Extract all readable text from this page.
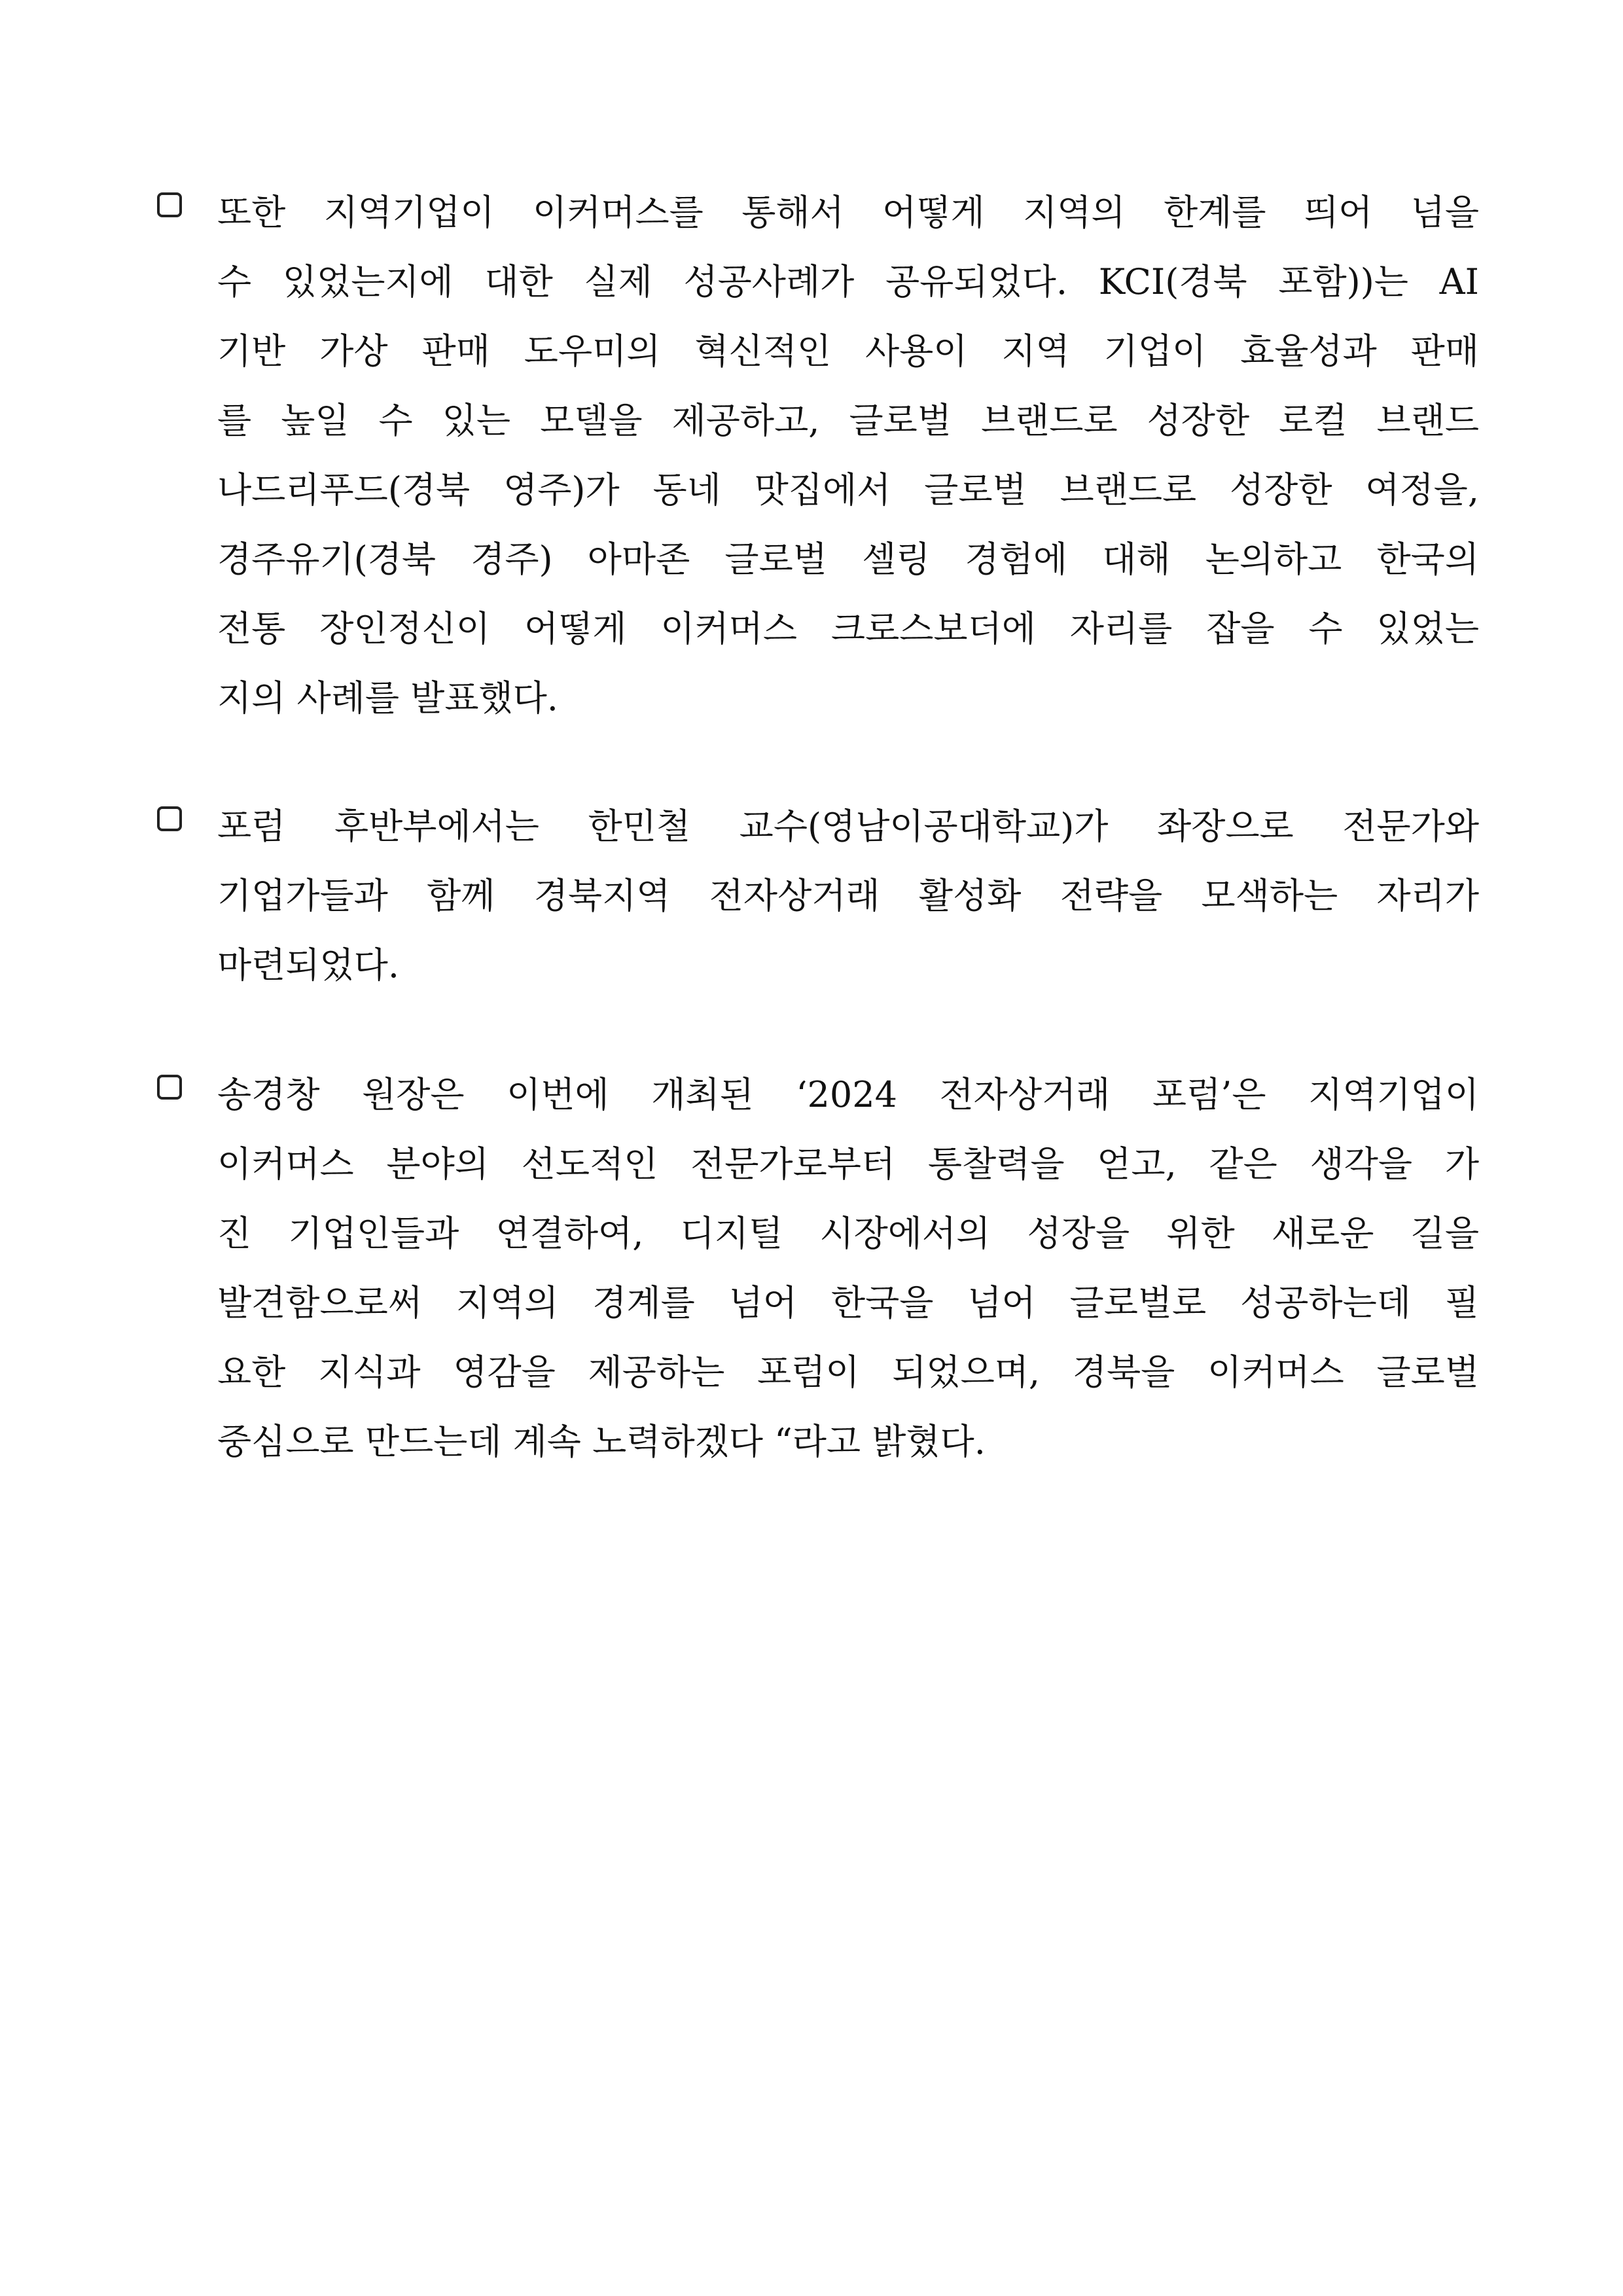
또한 지역기업이 이커머스를 통해서 어떻게 지역의 한계를 띄어 넘을
수 있었는지에 대한 실제 성공사례가 공유되었다. KCI(경북 포함))는 AI
기반 가상 판매 도우미의 혁신적인 사용이 지역 기업이 효율성과 판매
를 높일 수 있는 모델을 제공하고, 글로벌 브랜드로 성장한 로컬 브랜드
나드리푸드(경북 영주)가 동네 맛집에서 글로벌 브랜드로 성장한 여정을,
경주유기(경북 경주) 아마존 글로벌 셀링 경험에 대해 논의하고 한국의
전통 장인정신이 어떻게 이커머스 크로스보더에 자리를 잡을 수 있었는
지의 사례를 발표했다.
포럼 후반부에서는 한민철 교수(영남이공대학교)가 좌장으로 전문가와
기업가들과 함께 경북지역 전자상거래 활성화 전략을 모색하는 자리가
마련되었다.
송경창 원장은 이번에 개최된 ‘2024 전자상거래 포럼’은 지역기업이
이커머스 분야의 선도적인 전문가로부터 통찰력을 얻고, 같은 생각을 가
진 기업인들과 연결하여, 디지털 시장에서의 성장을 위한 새로운 길을
발견함으로써 지역의 경계를 넘어 한국을 넘어 글로벌로 성공하는데 필
요한 지식과 영감을 제공하는 포럼이 되었으며, 경북을 이커머스 글로벌
중심으로 만드는데 계속 노력하겠다 “라고 밝혔다.
